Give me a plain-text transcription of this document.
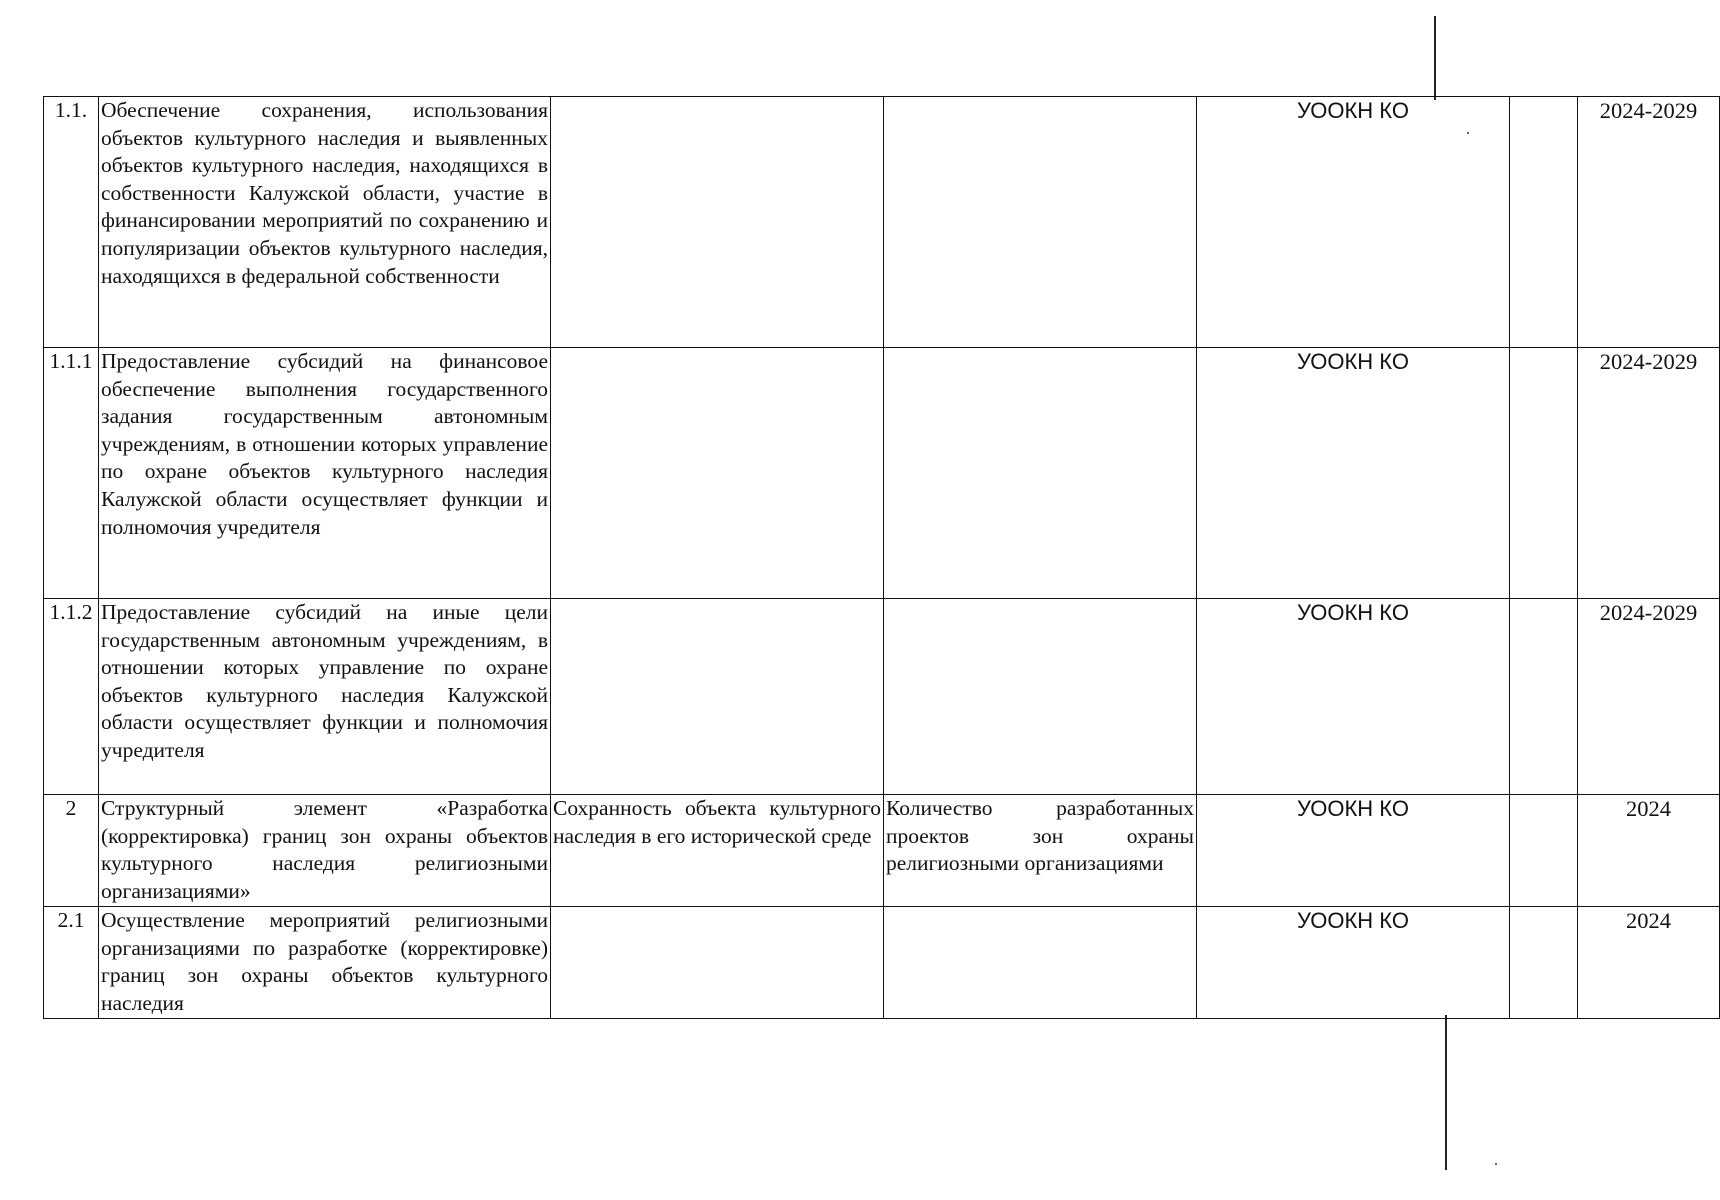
1.1.	Обеспечение сохранения, использования объектов культурного наследия и выявленных объектов культурного наследия, находящихся в собственности Калужской области, участие в финансировании мероприятий по сохранению и популяризации объектов культурного наследия, находящихся в федеральной собственности			УООКН КО		2024-2029
1.1.1	Предоставление субсидий на финансовое обеспечение выполнения государственного задания государственным автономным учреждениям, в отношении которых управление по охране объектов культурного наследия Калужской области осуществляет функции и полномочия учредителя			УООКН КО		2024-2029
1.1.2	Предоставление субсидий на иные цели государственным автономным учреждениям, в отношении которых управление по охране объектов культурного наследия Калужской области осуществляет функции и полномочия учредителя			УООКН КО		2024-2029
2	Структурный элемент «Разработка (корректировка) границ зон охраны объектов культурного наследия религиозными организациями»	Сохранность объекта культурного наследия в его исторической среде	Количество разработанных проектов зон охраны религиозными организациями	УООКН КО		2024
2.1	Осуществление мероприятий религиозными организациями по разработке (корректировке) границ зон охраны объектов культурного наследия			УООКН КО		2024
